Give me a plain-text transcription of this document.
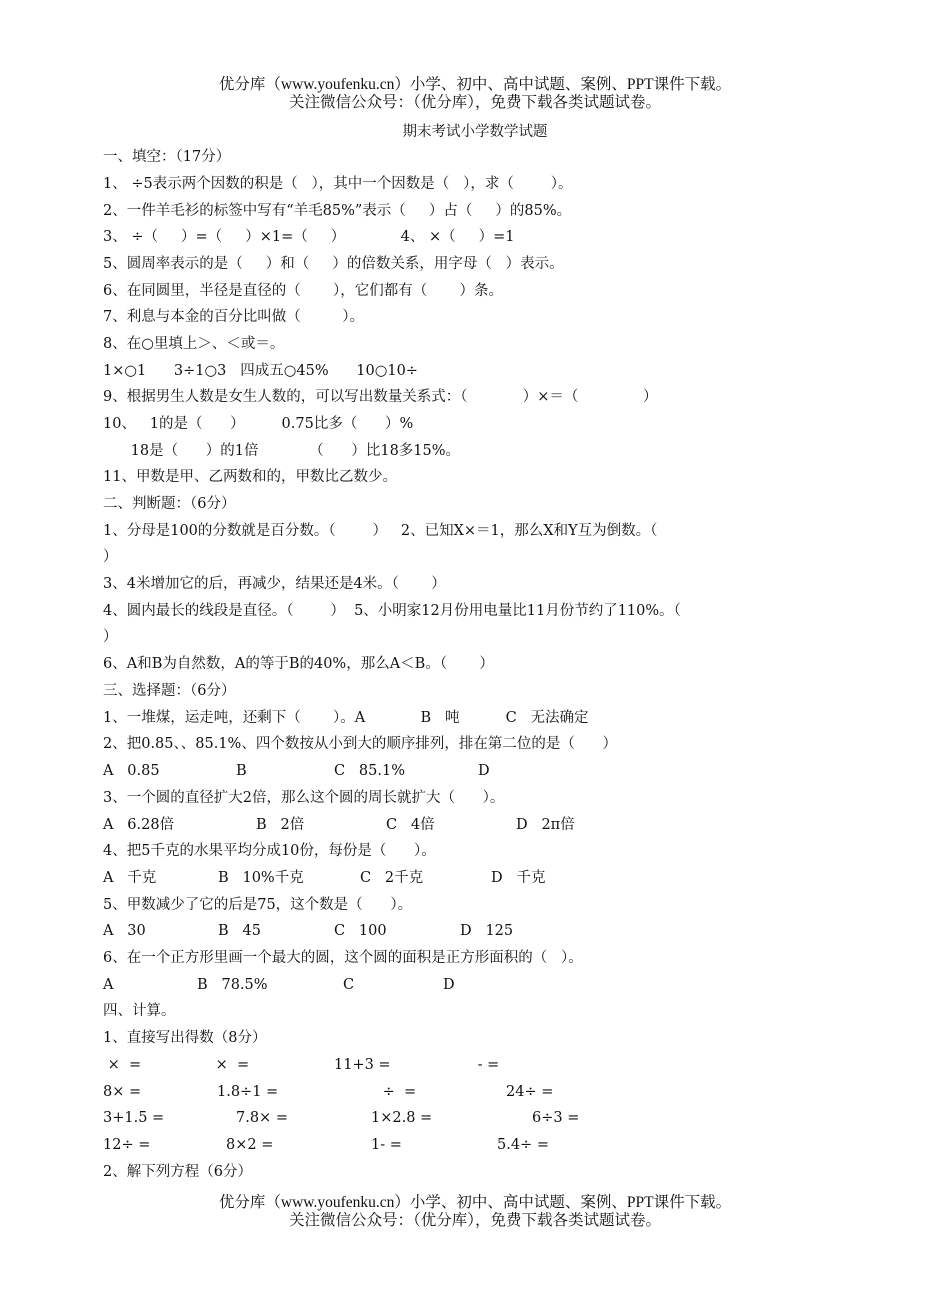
优分库（www.youfenku.cn）小学、初中、高中试题、案例、PPT课件下载。
关注微信公众号：（优分库），免费下载各类试题试卷。
期末考试小学数学试题
一、填空：（17分）
1、 ÷5表示两个因数的积是（   ），其中一个因数是（   ），求（        ）。
2、一件羊毛衫的标签中写有“羊毛85%”表示（     ）占（     ）的85%。
3、 ÷（     ）=（     ）×1=（     ）            4、 ×（     ）=1
5、圆周率表示的是（     ）和（     ）的倍数关系，用字母（   ）表示。
6、在同圆里，半径是直径的（       ），它们都有（       ）条。
7、利息与本金的百分比叫做（         ）。
8、在○里填上＞、＜或＝。
1×○1      3÷1○3   四成五○45%      10○10÷
9、根据男生人数是女生人数的，可以写出数量关系式：（            ）×＝（              ）
10、   1的是（      ）        0.75比多（      ）%
18是（      ）的1倍           （      ）比18多15%。
11、甲数是甲、乙两数和的，甲数比乙数少。
二、判断题：（6分）
1、分母是100的分数就是百分数。（        ）   2、已知X×＝1，那么X和Y互为倒数。（
）
3、4米增加它的后，再减少，结果还是4米。（       ）
4、圆内最长的线段是直径。（        ）  5、小明家12月份用电量比11月份节约了110%。（
）
6、A和B为自然数，A的等于B的40%，那么A＜B。（       ）
三、选择题：（6分）
1、一堆煤，运走吨，还剩下（       ）。A            B   吨          C   无法确定
2、把0.85、、85.1%、四个数按从小到大的顺序排列，排在第二位的是（      ）
A   0.85	B	C   85.1%	D
3、一个圆的直径扩大2倍，那么这个圆的周长就扩大（      ）。
A   6.28倍	B   2倍	C   4倍	D   2π倍
4、把5千克的水果平均分成10份，每份是（      ）。
A   千克	B   10%千克	C   2千克	D   千克
5、甲数减少了它的后是75，这个数是（      ）。
A   30	B   45	C   100	D   125
6、在一个正方形里画一个最大的圆，这个圆的面积是正方形面积的（   ）。
A	B   78.5%	C	D
四、计算。
1、直接写出得数（8分）
×  =	×  =	11+3 =	- =
8× =	1.8÷1 =	÷  =	24÷ =
3+1.5 =	7.8× =	1×2.8 =	6÷3 =
12÷ =	8×2 =	1- =	5.4÷ =
2、解下列方程（6分）
优分库（www.youfenku.cn）小学、初中、高中试题、案例、PPT课件下载。
关注微信公众号：（优分库），免费下载各类试题试卷。
